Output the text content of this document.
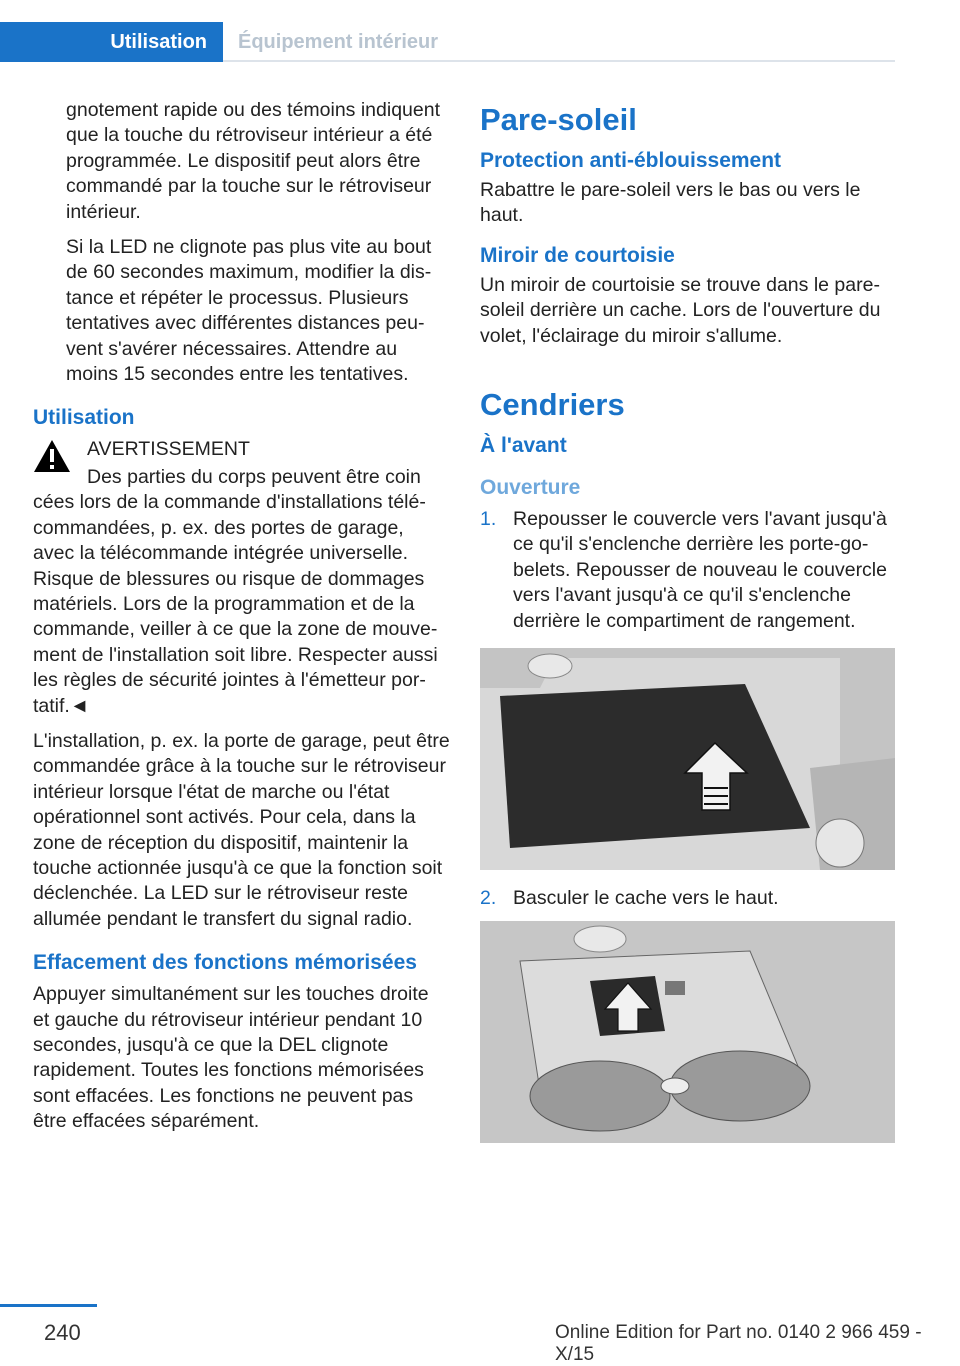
Utilisation	Équipement intérieur

gnotement rapide ou des témoins indiquent que la touche du rétroviseur intérieur a été programmée. Le dispositif peut alors être commandé par la touche sur le rétroviseur intérieur.

Si la LED ne clignote pas plus vite au bout de 60 secondes maximum, modifier la distance et répéter le processus. Plusieurs tentatives avec différentes distances peuvent s'avérer nécessaires. Attendre au moins 15 secondes entre les tentatives.

Utilisation

AVERTISSEMENT

Des parties du corps peuvent être coin

cées lors de la commande d'installations télécommandées, p. ex. des portes de garage, avec la télécommande intégrée universelle. Risque de blessures ou risque de dommages matériels. Lors de la programmation et de la commande, veiller à ce que la zone de mouvement de l'installation soit libre. Respecter aussi les règles de sécurité jointes à l'émetteur portatif.◄

L'installation, p. ex. la porte de garage, peut être commandée grâce à la touche sur le rétroviseur intérieur lorsque l'état de marche ou l'état opérationnel sont activés. Pour cela, dans la zone de réception du dispositif, maintenir la touche actionnée jusqu'à ce que la fonction soit déclenchée. La LED sur le rétroviseur reste allumée pendant le transfert du signal radio.

Effacement des fonctions mémorisées

Appuyer simultanément sur les touches droite et gauche du rétroviseur intérieur pendant 10 secondes, jusqu'à ce que la DEL clignote rapidement. Toutes les fonctions mémorisées sont effacées. Les fonctions ne peuvent pas être effacées séparément.

Pare-soleil
Protection anti-éblouissement

Rabattre le pare-soleil vers le bas ou vers le haut.

Miroir de courtoisie

Un miroir de courtoisie se trouve dans le paresoleil derrière un cache. Lors de l'ouverture du volet, l'éclairage du miroir s'allume.

Cendriers
À l'avant
Ouverture
1. Repousser le couvercle vers l'avant jusqu'à ce qu'il s'enclenche derrière les porte-gobelets. Repousser de nouveau le couvercle vers l'avant jusqu'à ce qu'il s'enclenche derrière le compartiment de rangement.
2. Basculer le cache vers le haut.
240	Online Edition for Part no. 0140 2 966 459 - X/15
